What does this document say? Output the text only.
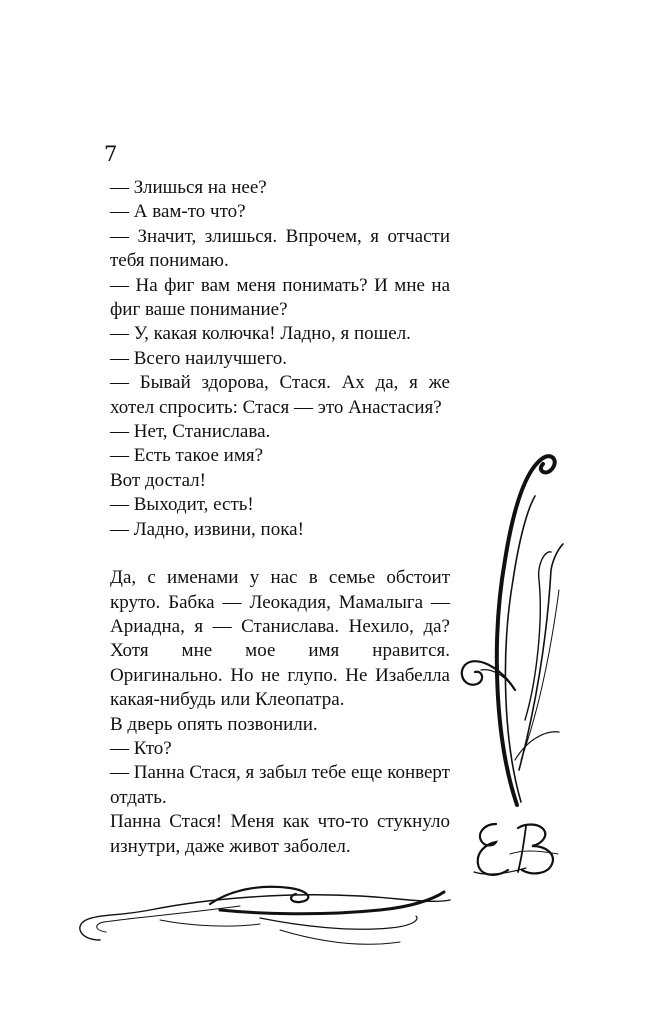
7

— Злишься на нее?

— А вам-то что?

— Значит, злишься. Впрочем, я отчасти тебя понимаю.

— На фиг вам меня понимать? И мне на фиг ваше понимание?

— У, какая колючка! Ладно, я пошел.

— Всего наилучшего.

— Бывай здорова, Стася. Ах да, я же хотел спросить: Стася — это Анастасия?

— Нет, Станислава.

— Есть такое имя?

Вот достал!

— Выходит, есть!

— Ладно, извини, пока!

Да, с именами у нас в семье обстоит круто. Бабка — Леокадия, Мамалыга — Ариадна, я — Станислава. Нехило, да? Хотя мне мое имя нравится. Оригинально. Но не глупо. Не Изабелла какая-нибудь или Клеопатра.

В дверь опять позвонили.

— Кто?

— Панна Стася, я забыл тебе еще конверт отдать.

Панна Стася! Меня как что-то стукнуло изнутри, даже живот заболел.
